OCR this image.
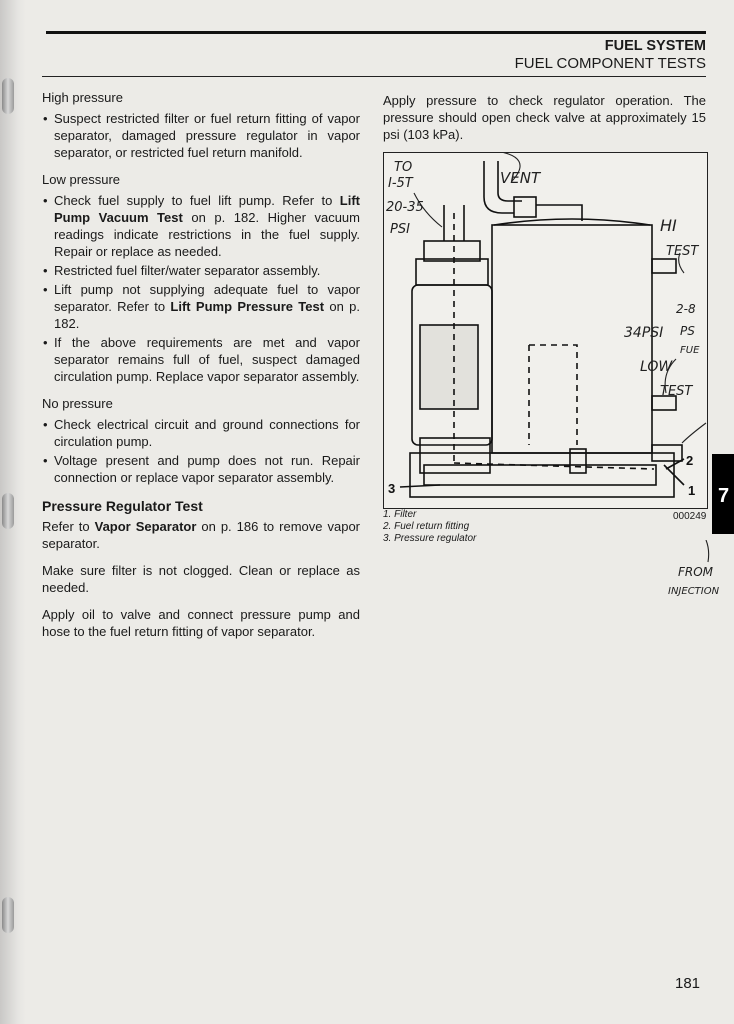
FUEL SYSTEM
FUEL COMPONENT TESTS
High pressure
• Suspect restricted filter or fuel return fitting of vapor separator, damaged pressure regulator in vapor separator, or restricted fuel return manifold.
Low pressure
• Check fuel supply to fuel lift pump. Refer to Lift Pump Vacuum Test on p. 182. Higher vacuum readings indicate restrictions in the fuel supply. Repair or replace as needed.
• Restricted fuel filter/water separator assembly.
• Lift pump not supplying adequate fuel to vapor separator. Refer to Lift Pump Pressure Test on p. 182.
• If the above requirements are met and vapor separator remains full of fuel, suspect damaged circulation pump. Replace vapor separator assembly.
No pressure
• Check electrical circuit and ground connections for circulation pump.
• Voltage present and pump does not run. Repair connection or replace vapor separator assembly.
Pressure Regulator Test

Refer to Vapor Separator on p. 186 to remove vapor separator.

Make sure filter is not clogged. Clean or replace as needed.

Apply oil to valve and connect pressure pump and hose to the fuel return fitting of vapor separator.

Apply pressure to check regulator operation. The pressure should open check valve at approximately 15 psi (103 kPa).

TO
I-5T
20-35
PSI
VENT
HI
TEST
34PSI
LOW
TEST
2-8
PS
FUE
3
2
1
000249
1. Filter
2. Fuel return fitting
3. Pressure regulator
FROM
INJECTION
7
181
